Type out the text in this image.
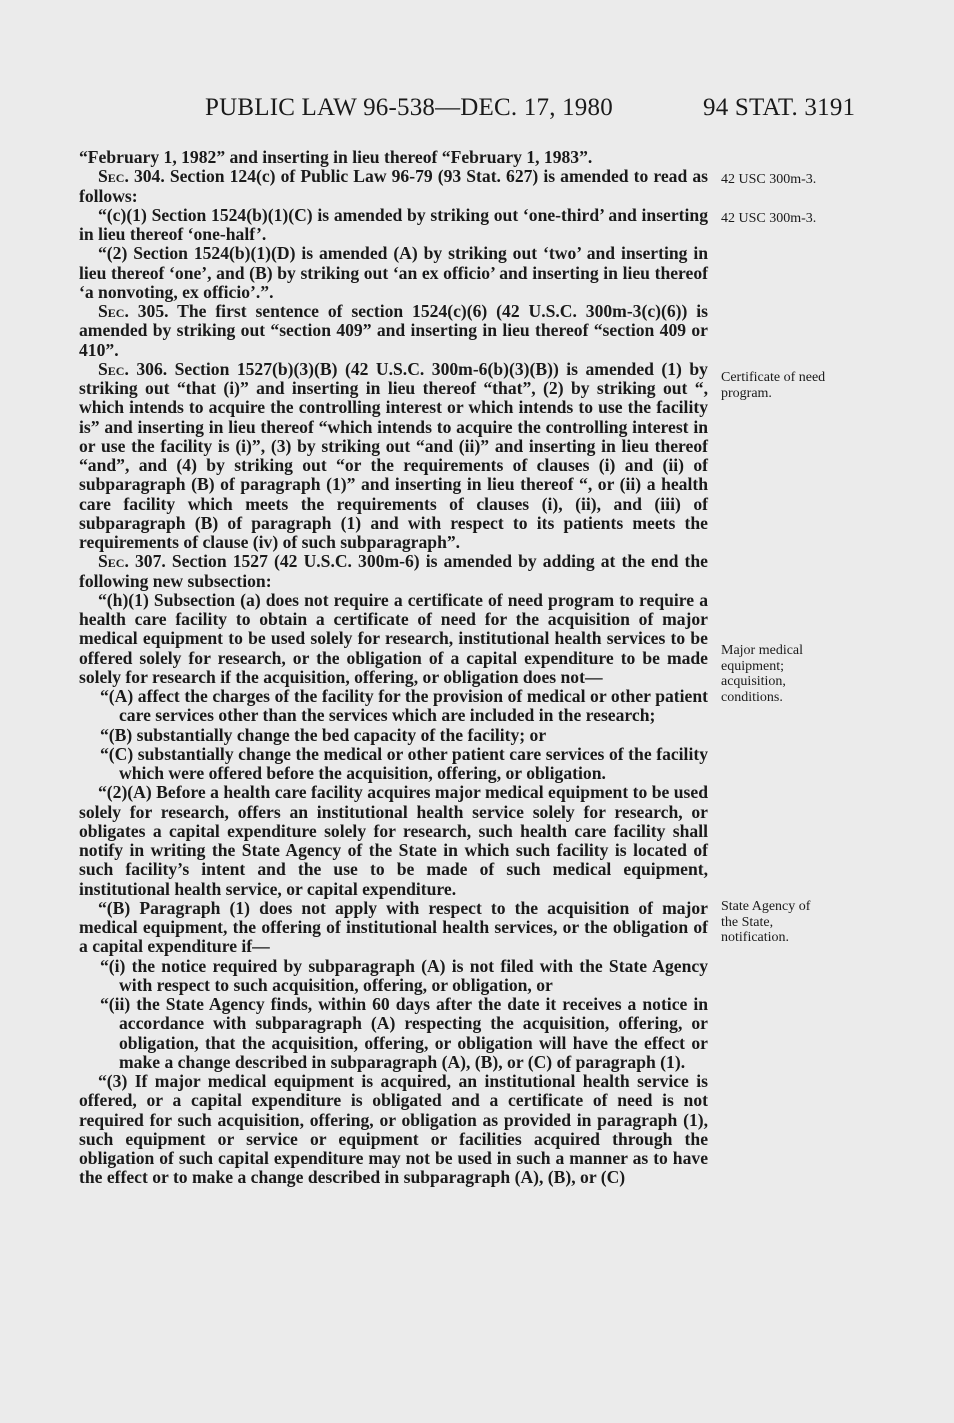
PUBLIC LAW 96-538—DEC. 17, 1980	94 STAT. 3191
42 USC 300m-3.
42 USC 300m-3.
Certificate of need program.
Major medical equipment; acquisition, conditions.
State Agency of the State, notification.

“February 1, 1982” and inserting in lieu thereof “February 1, 1983”.

Sec. 304. Section 124(c) of Public Law 96-79 (93 Stat. 627) is amended to read as follows:

“(c)(1) Section 1524(b)(1)(C) is amended by striking out ‘one-third’ and inserting in lieu thereof ‘one-half’.

“(2) Section 1524(b)(1)(D) is amended (A) by striking out ‘two’ and inserting in lieu thereof ‘one’, and (B) by striking out ‘an ex officio’ and inserting in lieu thereof ‘a nonvoting, ex officio’.”.

Sec. 305. The first sentence of section 1524(c)(6) (42 U.S.C. 300m-3(c)(6)) is amended by striking out “section 409” and inserting in lieu thereof “section 409 or 410”.

Sec. 306. Section 1527(b)(3)(B) (42 U.S.C. 300m-6(b)(3)(B)) is amended (1) by striking out “that (i)” and inserting in lieu thereof “that”, (2) by striking out “, which intends to acquire the controlling interest or which intends to use the facility is” and inserting in lieu thereof “which intends to acquire the controlling interest in or use the facility is (i)”, (3) by striking out “and (ii)” and inserting in lieu thereof “and”, and (4) by striking out “or the requirements of clauses (i) and (ii) of subparagraph (B) of paragraph (1)” and inserting in lieu thereof “, or (ii) a health care facility which meets the requirements of clauses (i), (ii), and (iii) of subparagraph (B) of paragraph (1) and with respect to its patients meets the requirements of clause (iv) of such subparagraph”.

Sec. 307. Section 1527 (42 U.S.C. 300m-6) is amended by adding at the end the following new subsection:

“(h)(1) Subsection (a) does not require a certificate of need program to require a health care facility to obtain a certificate of need for the acquisition of major medical equipment to be used solely for research, institutional health services to be offered solely for research, or the obligation of a capital expenditure to be made solely for research if the acquisition, offering, or obligation does not—

“(A) affect the charges of the facility for the provision of medical or other patient care services other than the services which are included in the research;

“(B) substantially change the bed capacity of the facility; or

“(C) substantially change the medical or other patient care services of the facility which were offered before the acquisition, offering, or obligation.

“(2)(A) Before a health care facility acquires major medical equipment to be used solely for research, offers an institutional health service solely for research, or obligates a capital expenditure solely for research, such health care facility shall notify in writing the State Agency of the State in which such facility is located of such facility’s intent and the use to be made of such medical equipment, institutional health service, or capital expenditure.

“(B) Paragraph (1) does not apply with respect to the acquisition of major medical equipment, the offering of institutional health services, or the obligation of a capital expenditure if—

“(i) the notice required by subparagraph (A) is not filed with the State Agency with respect to such acquisition, offering, or obligation, or

“(ii) the State Agency finds, within 60 days after the date it receives a notice in accordance with subparagraph (A) respecting the acquisition, offering, or obligation, that the acquisition, offering, or obligation will have the effect or make a change described in subparagraph (A), (B), or (C) of paragraph (1).

“(3) If major medical equipment is acquired, an institutional health service is offered, or a capital expenditure is obligated and a certificate of need is not required for such acquisition, offering, or obligation as provided in paragraph (1), such equipment or service or equipment or facilities acquired through the obligation of such capital expenditure may not be used in such a manner as to have the effect or to make a change described in subparagraph (A), (B), or (C)
